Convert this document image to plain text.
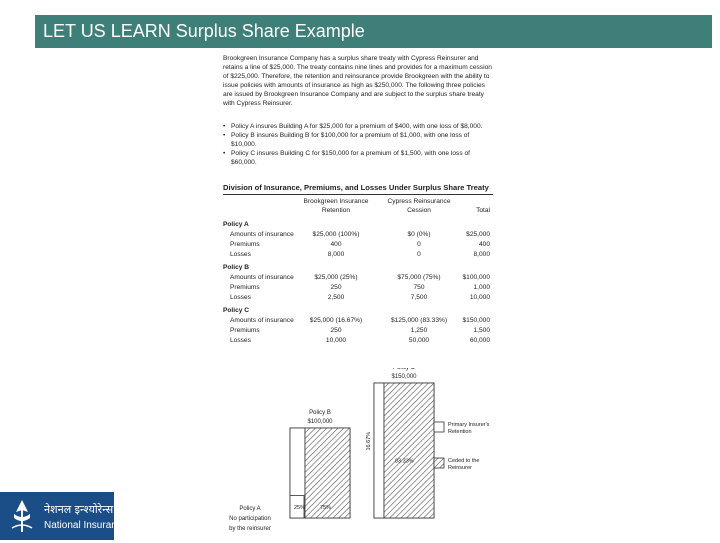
LET US LEARN Surplus Share Example
Brookgreen Insurance Company has a surplus share treaty with Cypress Reinsurer and retains a line of $25,000. The treaty contains nine lines and provides for a maximum cession of $225,000. Therefore, the retention and reinsurance provide Brookgreen with the ability to issue policies with amounts of insurance as high as $250,000. The following three policies are issued by Brookgreen Insurance Company and are subject to the surplus share treaty with Cypress Reinsurer.
• Policy A insures Building A for $25,000 for a premium of $400, with one loss of $8,000.
• Policy B insures Building B for $100,000 for a premium of $1,000, with one loss of $10,000.
• Policy C insures Building C for $150,000 for a premium of $1,500, with one loss of $60,000.
Division of Insurance, Premiums, and Losses Under Surplus Share Treaty
Brookgreen Insurance
Retention
Cypress Reinsurance
Cession	Total
Policy A
Amounts of insurance	$25,000 (100%)	$0 (0%)	$25,000
Premiums	400	0	400
Losses	8,000	0	8,000
Policy B
Amounts of insurance	$25,000 (25%)	$75,000 (75%)	$100,000
Premiums	250	750	1,000
Losses	2,500	7,500	10,000
Policy C
Amounts of insurance	$25,000 (16.67%)	$125,000 (83.33%)	$150,000
Premiums	250	1,250	1,500
Losses	10,000	50,000	60,000
Policy C
$150,000
Policy B
$100,000
Policy A
No participation
by the reinsurer
25%	75%
16.67%
83.33%
Primary Insurer's
Retention
Ceded to the
Reinsurer
नेशनल इन्श्योरेन्स
National Insurance
